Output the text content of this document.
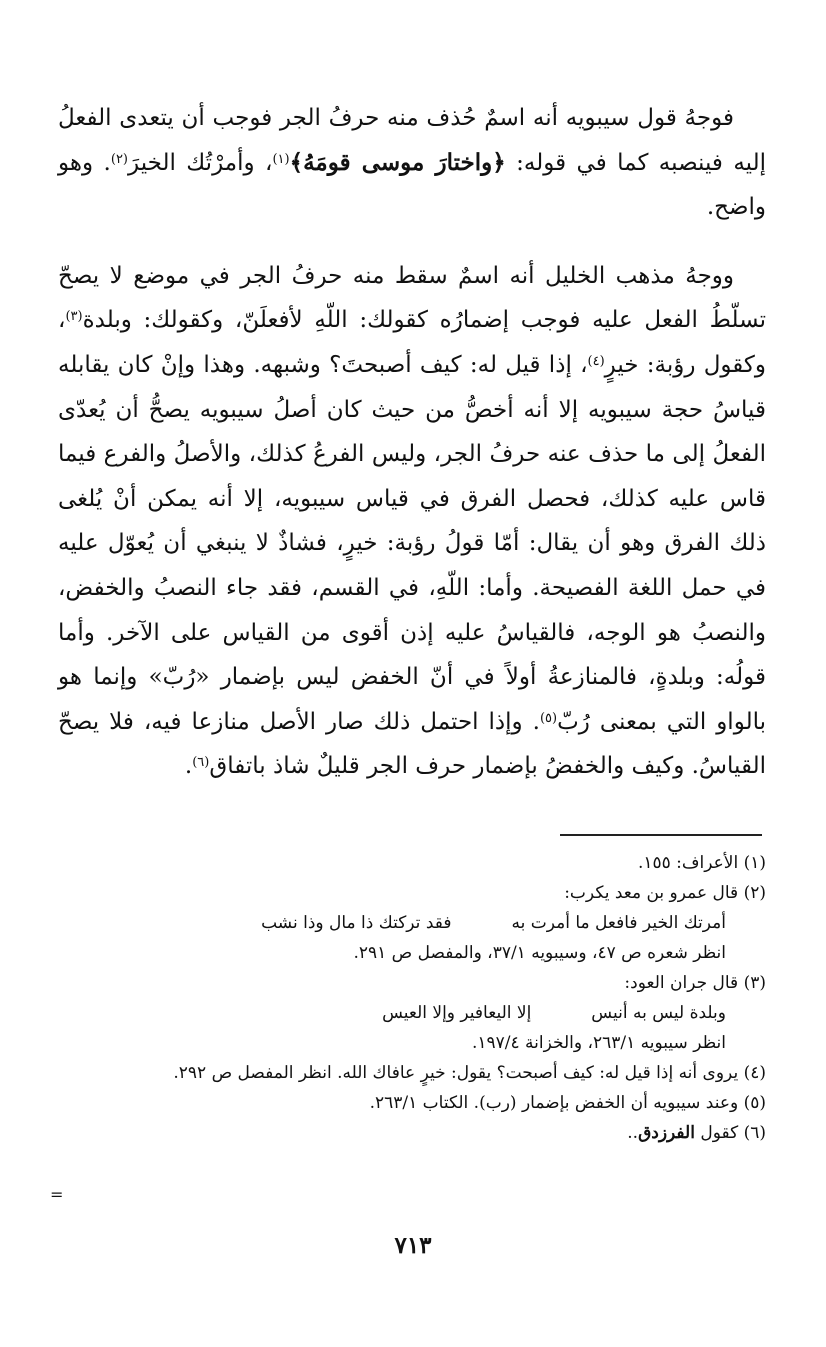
فوجهُ قول سيبويه أنه اسمٌ حُذف منه حرفُ الجر فوجب أن يتعدى الفعلُ إليه فينصبه كما في قوله: ﴿واختارَ موسى قومَهُ﴾$^{(١)}$، وأمرْتُك الخيرَ$^{(٢)}$. وهو واضح.

ووجهُ مذهب الخليل أنه اسمٌ سقط منه حرفُ الجر في موضع لا يصحّ تسلّطُ الفعل عليه فوجب إضمارُه كقولك: اللّهِ لأفعلَنّ، وكقولك: وبلدة$^{(٣)}$، وكقول رؤبة: خيرٍ$^{(٤)}$، إذا قيل له: كيف أصبحتَ؟ وشبهه. وهذا وإنْ كان يقابله قياسُ حجة سيبويه إلا أنه أخصُّ من حيث كان أصلُ سيبويه يصحُّ أن يُعدّى الفعلُ إلى ما حذف عنه حرفُ الجر، وليس الفرعُ كذلك، والأصلُ والفرع فيما قاس عليه كذلك، فحصل الفرق في قياس سيبويه، إلا أنه يمكن أنْ يُلغى ذلك الفرق وهو أن يقال: أمّا قولُ رؤبة: خيرٍ، فشاذٌ لا ينبغي أن يُعوّل عليه في حمل اللغة الفصيحة. وأما: اللّهِ، في القسم، فقد جاء النصبُ والخفض، والنصبُ هو الوجه، فالقياسُ عليه إذن أقوى من القياس على الآخر. وأما قولُه: وبلدةٍ، فالمنازعةُ أولاً في أنّ الخفض ليس بإضمار «رُبّ» وإنما هو بالواو التي بمعنى رُبّ$^{(٥)}$. وإذا احتمل ذلك صار الأصل منازعا فيه، فلا يصحّ القياسُ. وكيف والخفضُ بإضمار حرف الجر قليلٌ شاذ باتفاق$^{(٦)}$.

(١) الأعراف: ١٥٥.

(٢) قال عمرو بن معد يكرب:

أمرتك الخير فافعل ما أمرت به
فقد تركتك ذا مال وذا نشب

انظر شعره ص ٤٧، وسيبويه ٣٧/١، والمفصل ص ٢٩١.

(٣) قال جران العود:

وبلدة ليس به أنيس
إلا اليعافير وإلا العيس

انظر سيبويه ٢٦٣/١، والخزانة ١٩٧/٤.

(٤) يروى أنه إذا قيل له: كيف أصبحت؟ يقول: خيرٍ عافاك الله. انظر المفصل ص ٢٩٢.

(٥) وعند سيبويه أن الخفض بإضمار (رب). الكتاب ٢٦٣/١.

(٦) كقول الفرزدق..

=
٧١٣
